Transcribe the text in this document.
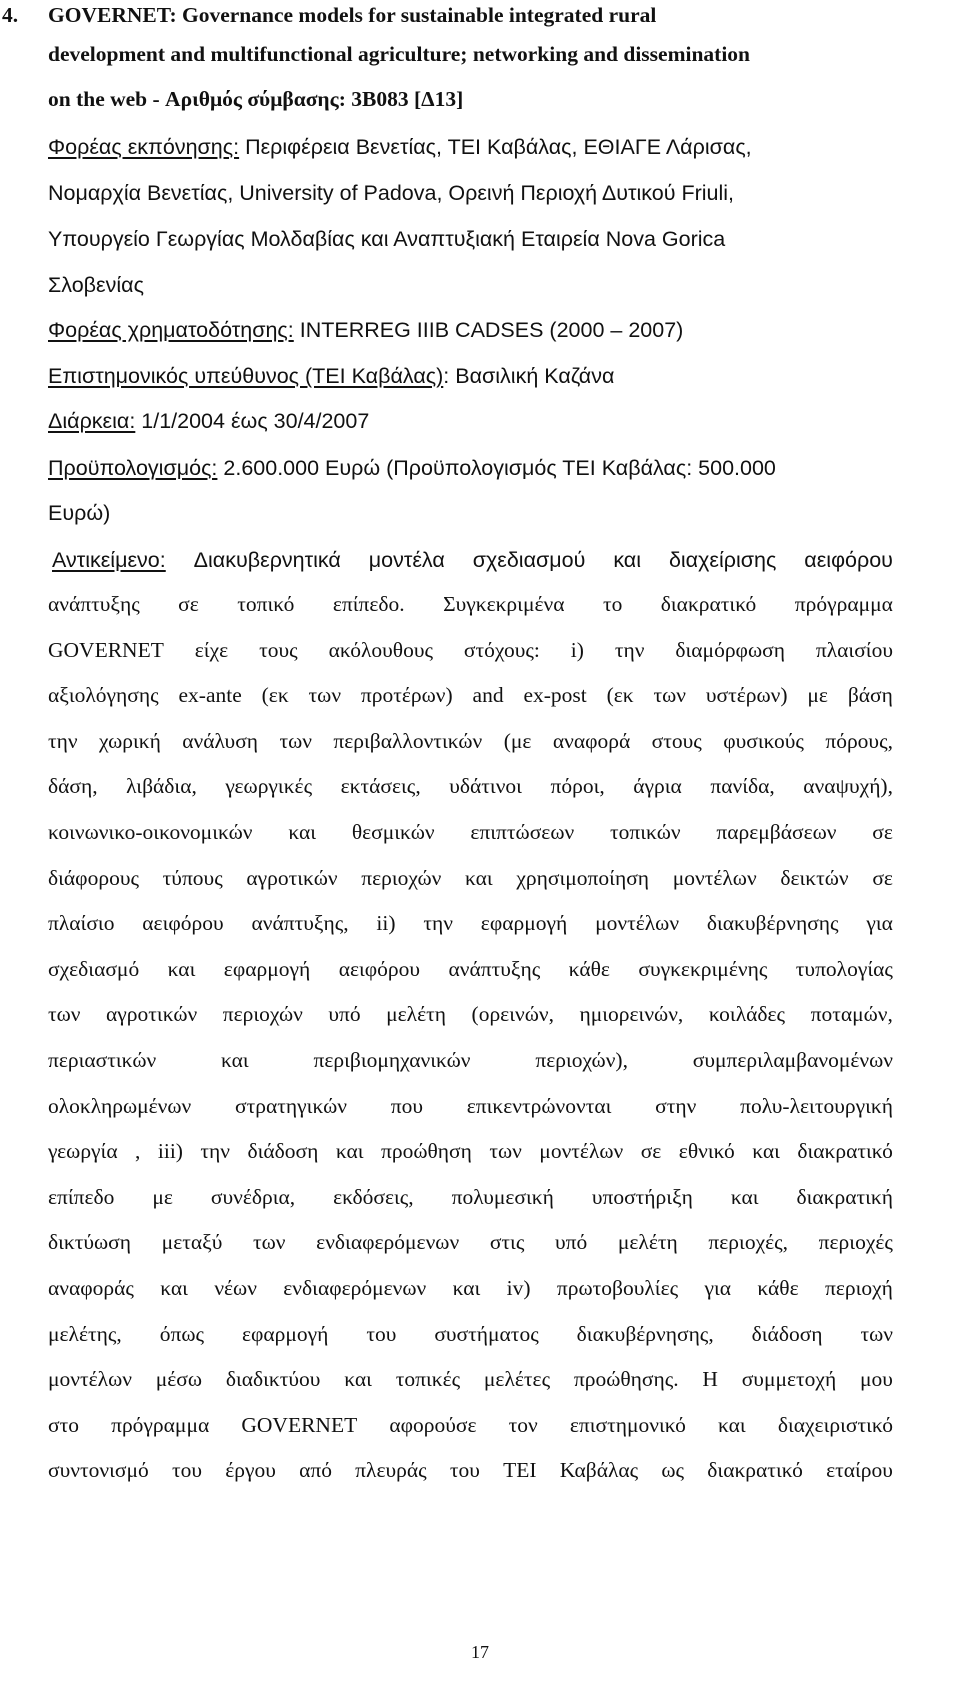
4. GOVERNET: Governance models for sustainable integrated rural
development and multifunctional agriculture; networking and dissemination
on the web - Αριθμός σύμβασης: 3Β083 [Δ13]
Φορέας εκπόνησης: Περιφέρεια Βενετίας, ΤΕΙ Καβάλας, ΕΘΙΑΓΕ Λάρισας,
Νομαρχία Βενετίας, University of Padova, Ορεινή Περιοχή Δυτικού Friuli,
Υπουργείο Γεωργίας Μολδαβίας και Αναπτυξιακή Εταιρεία Nova Gorica
Σλοβενίας
Φορέας χρηματοδότησης: INTERREG IIIB CADSES (2000 – 2007)
Επιστημονικός υπεύθυνος (ΤΕΙ Καβάλας): Βασιλική Καζάνα
Διάρκεια: 1/1/2004 έως 30/4/2007
Προϋπολογισμός: 2.600.000 Ευρώ (Προϋπολογισμός ΤΕΙ Καβάλας: 500.000
Ευρώ)
Αντικείμενο: Διακυβερνητικά μοντέλα σχεδιασμού και διαχείρισης αειφόρου
ανάπτυξης σε τοπικό επίπεδο. Συγκεκριμένα το διακρατικό πρόγραμμα
GOVERNET είχε τους ακόλουθους στόχους: i) την διαμόρφωση πλαισίου
αξιολόγησης ex-ante (εκ των προτέρων) and ex-post (εκ των υστέρων) με βάση
την χωρική ανάλυση των περιβαλλοντικών (με αναφορά στους φυσικούς πόρους,
δάση, λιβάδια, γεωργικές εκτάσεις, υδάτινοι πόροι, άγρια πανίδα, αναψυχή),
κοινωνικο-οικονομικών και θεσμικών επιπτώσεων τοπικών παρεμβάσεων σε
διάφορους τύπους αγροτικών περιοχών και χρησιμοποίηση μοντέλων δεικτών σε
πλαίσιο αειφόρου ανάπτυξης, ii) την εφαρμογή μοντέλων διακυβέρνησης για
σχεδιασμό και εφαρμογή αειφόρου ανάπτυξης κάθε συγκεκριμένης τυπολογίας
των αγροτικών περιοχών υπό μελέτη (ορεινών, ημιορεινών, κοιλάδες ποταμών,
περιαστικών	και	περιβιομηχανικών	περιοχών),	συμπεριλαμβανομένων
ολοκληρωμένων στρατηγικών που επικεντρώνονται στην πολυ-λειτουργική
γεωργία , iii) την διάδοση και προώθηση των μοντέλων σε εθνικό και διακρατικό
επίπεδο με συνέδρια, εκδόσεις, πολυμεσική υποστήριξη και διακρατική
δικτύωση μεταξύ των ενδιαφερόμενων στις υπό μελέτη περιοχές, περιοχές
αναφοράς και νέων ενδιαφερόμενων και iv) πρωτοβουλίες για κάθε περιοχή
μελέτης, όπως εφαρμογή του συστήματος διακυβέρνησης, διάδοση των
μοντέλων μέσω διαδικτύου και τοπικές μελέτες προώθησης. Η συμμετοχή μου
στο πρόγραμμα GOVERNET αφορούσε τον επιστημονικό και διαχειριστικό
συντονισμό του έργου από πλευράς του ΤΕΙ Καβάλας ως διακρατικό εταίρου
17
